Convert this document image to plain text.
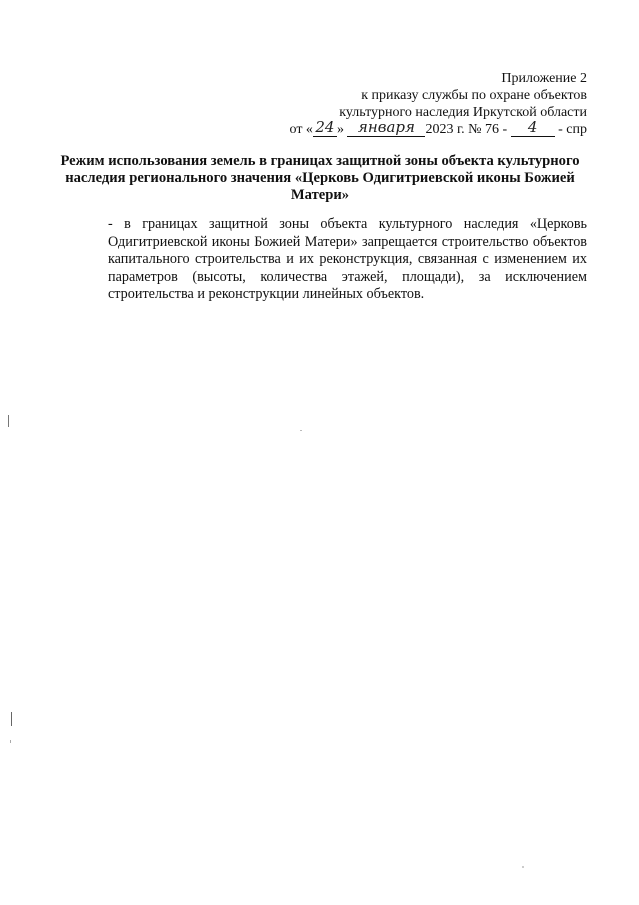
Приложение 2
к приказу службы по охране объектов
культурного наследия Иркутской области
от « 24 » января 2023 г. № 76 - 4 - спр
Режим использования земель в границах защитной зоны объекта культурного наследия регионального значения «Церковь Одигитриевской иконы Божией Матери»
- в границах защитной зоны объекта культурного наследия «Церковь Одигитриевской иконы Божией Матери» запрещается строительство объектов капитального строительства и их реконструкция, связанная с изменением их параметров (высоты, количества этажей, площади), за исключением строительства и реконструкции линейных объектов.
